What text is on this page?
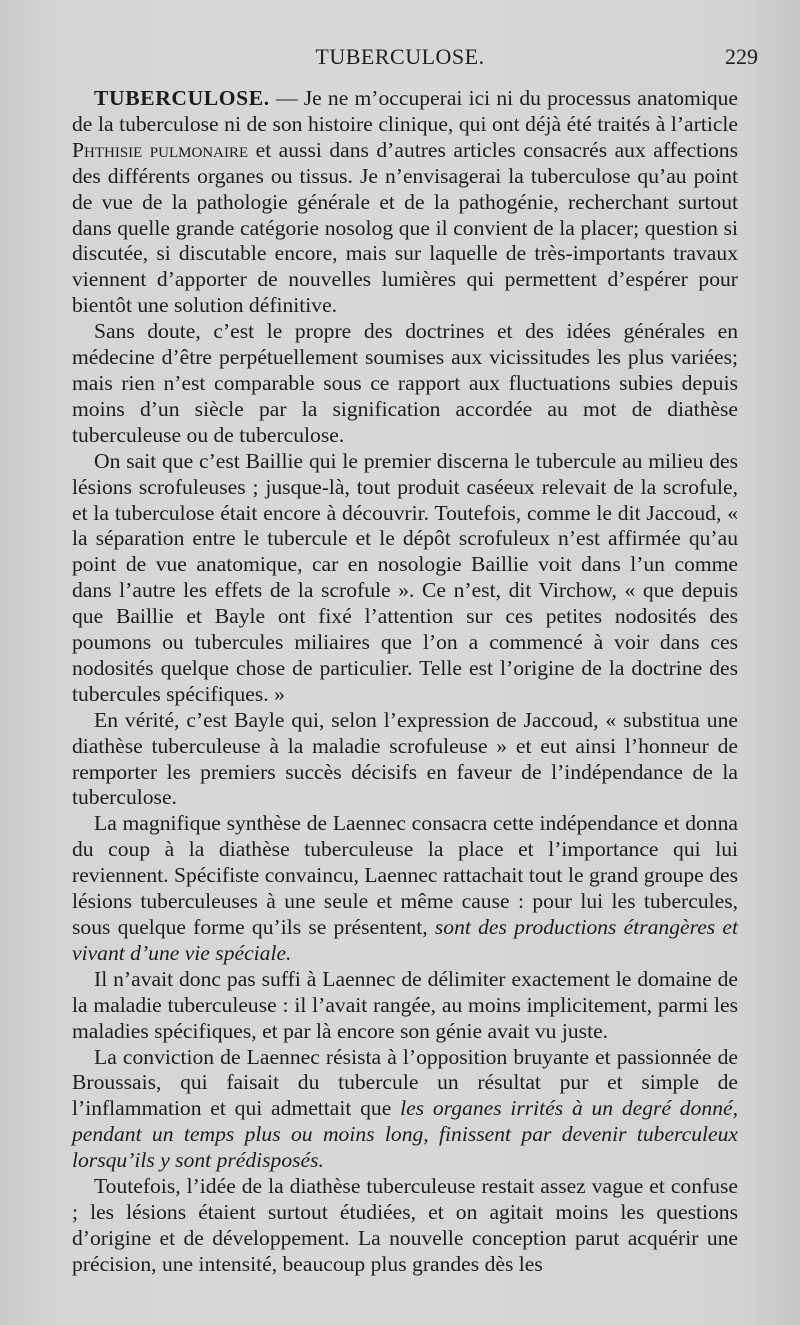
TUBERCULOSE.	229

TUBERCULOSE. — Je ne m’occuperai ici ni du processus anatomique de la tuberculose ni de son histoire clinique, qui ont déjà été traités à l’article Phthisie pulmonaire et aussi dans d’autres articles consacrés aux affections des différents organes ou tissus. Je n’envisagerai la tuberculose qu’au point de vue de la pathologie générale et de la pathogénie, recherchant surtout dans quelle grande catégorie nosolog que il convient de la placer; question si discutée, si discutable encore, mais sur laquelle de très-importants travaux viennent d’apporter de nouvelles lumières qui permettent d’espérer pour bientôt une solution définitive.

Sans doute, c’est le propre des doctrines et des idées générales en médecine d’être perpétuellement soumises aux vicissitudes les plus variées; mais rien n’est comparable sous ce rapport aux fluctuations subies depuis moins d’un siècle par la signification accordée au mot de diathèse tuberculeuse ou de tuberculose.

On sait que c’est Baillie qui le premier discerna le tubercule au milieu des lésions scrofuleuses ; jusque-là, tout produit caséeux relevait de la scrofule, et la tuberculose était encore à découvrir. Toutefois, comme le dit Jaccoud, « la séparation entre le tubercule et le dépôt scrofuleux n’est affirmée qu’au point de vue anatomique, car en nosologie Baillie voit dans l’un comme dans l’autre les effets de la scrofule ». Ce n’est, dit Virchow, « que depuis que Baillie et Bayle ont fixé l’attention sur ces petites nodosités des poumons ou tubercules miliaires que l’on a commencé à voir dans ces nodosités quelque chose de particulier. Telle est l’origine de la doctrine des tubercules spécifiques. »

En vérité, c’est Bayle qui, selon l’expression de Jaccoud, « substitua une diathèse tuberculeuse à la maladie scrofuleuse » et eut ainsi l’honneur de remporter les premiers succès décisifs en faveur de l’indépendance de la tuberculose.

La magnifique synthèse de Laennec consacra cette indépendance et donna du coup à la diathèse tuberculeuse la place et l’importance qui lui reviennent. Spécifiste convaincu, Laennec rattachait tout le grand groupe des lésions tuberculeuses à une seule et même cause : pour lui les tubercules, sous quelque forme qu’ils se présentent, sont des productions étrangères et vivant d’une vie spéciale.

Il n’avait donc pas suffi à Laennec de délimiter exactement le domaine de la maladie tuberculeuse : il l’avait rangée, au moins implicitement, parmi les maladies spécifiques, et par là encore son génie avait vu juste.

La conviction de Laennec résista à l’opposition bruyante et passionnée de Broussais, qui faisait du tubercule un résultat pur et simple de l’inflammation et qui admettait que les organes irrités à un degré donné, pendant un temps plus ou moins long, finissent par devenir tuberculeux lorsqu’ils y sont prédisposés.

Toutefois, l’idée de la diathèse tuberculeuse restait assez vague et confuse ; les lésions étaient surtout étudiées, et on agitait moins les questions d’origine et de développement. La nouvelle conception parut acquérir une précision, une intensité, beaucoup plus grandes dès les
